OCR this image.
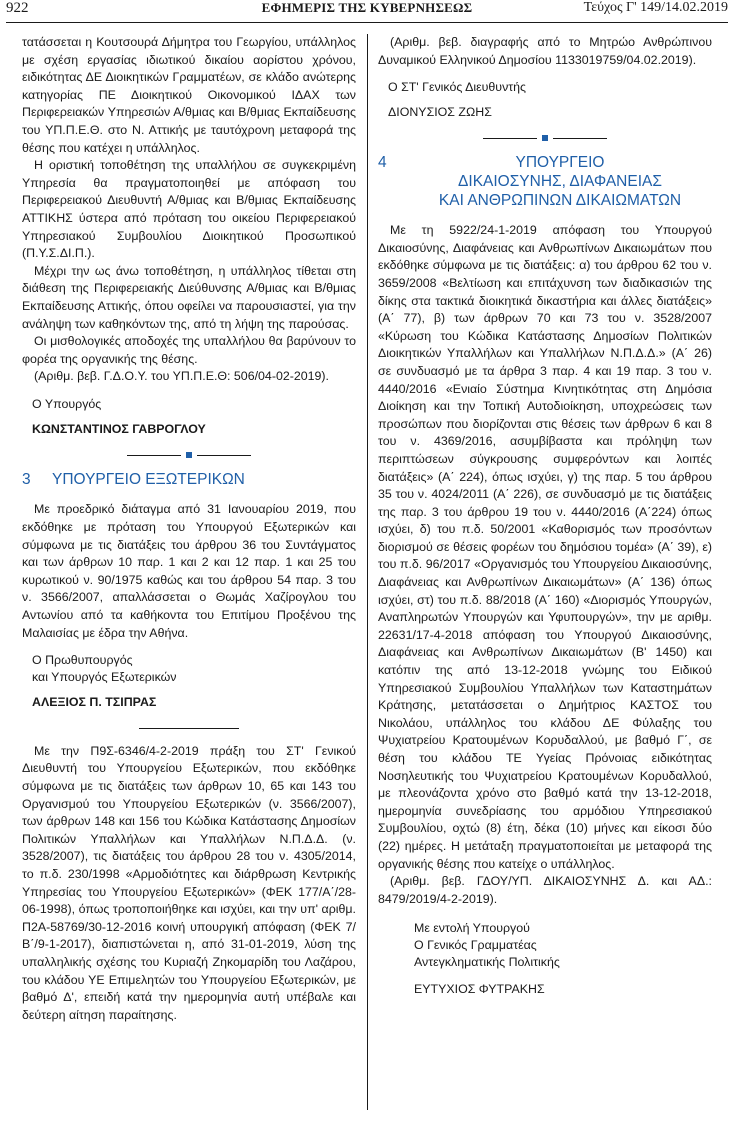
922	ΕΦΗΜΕΡΙΣ ΤΗΣ ΚΥΒΕΡΝΗΣΕΩΣ	Τεύχος Γ' 149/14.02.2019

τατάσσεται η Κουτσουρά Δήμητρα του Γεωργίου, υπάλληλος με σχέση εργασίας ιδιωτικού δικαίου αορίστου χρόνου, ειδικότητας ΔΕ Διοικητικών Γραμματέων, σε κλάδο ανώτερης κατηγορίας ΠΕ Διοικητικού Οικονομικού ΙΔΑΧ των Περιφερειακών Υπηρεσιών Α/θμιας και Β/θμιας Εκπαίδευσης του ΥΠ.Π.Ε.Θ. στο Ν. Αττικής με ταυτόχρονη μεταφορά της θέσης που κατέχει η υπάλληλος.

Η οριστική τοποθέτηση της υπαλλήλου σε συγκεκριμένη Υπηρεσία θα πραγματοποιηθεί με απόφαση του Περιφερειακού Διευθυντή Α/θμιας και Β/θμιας Εκπαίδευσης ΑΤΤΙΚΗΣ ύστερα από πρόταση του οικείου Περιφερειακού Υπηρεσιακού Συμβουλίου Διοικητικού Προσωπικού (Π.Υ.Σ.ΔΙ.Π.).

Μέχρι την ως άνω τοποθέτηση, η υπάλληλος τίθεται στη διάθεση της Περιφερειακής Διεύθυνσης Α/θμιας και Β/θμιας Εκπαίδευσης Αττικής, όπου οφείλει να παρουσιαστεί, για την ανάληψη των καθηκόντων της, από τη λήψη της παρούσας.

Οι μισθολογικές αποδοχές της υπαλλήλου θα βαρύνουν το φορέα της οργανικής της θέσης.

(Αριθμ. βεβ. Γ.Δ.Ο.Υ. του ΥΠ.Π.Ε.Θ: 506/04-02-2019).

Ο Υπουργός
ΚΩΝΣΤΑΝΤΙΝΟΣ ΓΑΒΡΟΓΛΟΥ
3	ΥΠΟΥΡΓΕΙΟ ΕΞΩΤΕΡΙΚΩΝ

Με προεδρικό διάταγμα από 31 Ιανουαρίου 2019, που εκδόθηκε με πρόταση του Υπουργού Εξωτερικών και σύμφωνα με τις διατάξεις του άρθρου 36 του Συντάγματος και των άρθρων 10 παρ. 1 και 2 και 12 παρ. 1 και 25 του κυρωτικού ν. 90/1975 καθώς και του άρθρου 54 παρ. 3 του ν. 3566/2007, απαλλάσσεται ο Θωμάς Χαζίρογλου του Αντωνίου από τα καθήκοντα του Επιτίμου Προξένου της Μαλαισίας με έδρα την Αθήνα.

Ο Πρωθυπουργός
και Υπουργός Εξωτερικών
ΑΛΕΞΙΟΣ Π. ΤΣΙΠΡΑΣ

Με την Π9Σ-6346/4-2-2019 πράξη του ΣΤ' Γενικού Διευθυντή του Υπουργείου Εξωτερικών, που εκδόθηκε σύμφωνα με τις διατάξεις των άρθρων 10, 65 και 143 του Οργανισμού του Υπουργείου Εξωτερικών (ν. 3566/2007), των άρθρων 148 και 156 του Κώδικα Κατάστασης Δημοσίων Πολιτικών Υπαλλήλων και Υπαλλήλων Ν.Π.Δ.Δ. (ν. 3528/2007), τις διατάξεις του άρθρου 28 του ν. 4305/2014, το π.δ. 230/1998 «Αρμοδιότητες και διάρθρωση Κεντρικής Υπηρεσίας του Υπουργείου Εξωτερικών» (ΦΕΚ 177/Α΄/28-06-1998), όπως τροποποιήθηκε και ισχύει, και την υπ' αριθμ. Π2Α-58769/30-12-2016 κοινή υπουργική απόφαση (ΦΕΚ 7/Β΄/9-1-2017), διαπιστώνεται η, από 31-01-2019, λύση της υπαλληλικής σχέσης του Κυριαζή Ζηκομαρίδη του Λαζάρου, του κλάδου ΥΕ Επιμελητών του Υπουργείου Εξωτερικών, με βαθμό Δ', επειδή κατά την ημερομηνία αυτή υπέβαλε και δεύτερη αίτηση παραίτησης.

(Αριθμ. βεβ. διαγραφής από το Μητρώο Ανθρώπινου Δυναμικού Ελληνικού Δημοσίου 1133019759/04.02.2019).

Ο ΣΤ' Γενικός Διευθυντής
ΔΙΟΝΥΣΙΟΣ ΖΩΗΣ
4	ΥΠΟΥΡΓΕΙΟ
ΔΙΚΑΙΟΣΥΝΗΣ, ΔΙΑΦΑΝΕΙΑΣ
ΚΑΙ ΑΝΘΡΩΠΙΝΩΝ ΔΙΚΑΙΩΜΑΤΩΝ

Με τη 5922/24-1-2019 απόφαση του Υπουργού Δικαιοσύνης, Διαφάνειας και Ανθρωπίνων Δικαιωμάτων που εκδόθηκε σύμφωνα με τις διατάξεις: α) του άρθρου 62 του ν. 3659/2008 «Βελτίωση και επιτάχυνση των διαδικασιών της δίκης στα τακτικά διοικητικά δικαστήρια και άλλες διατάξεις» (Α΄ 77), β) των άρθρων 70 και 73 του ν. 3528/2007 «Κύρωση του Κώδικα Κατάστασης Δημοσίων Πολιτικών Διοικητικών Υπαλλήλων και Υπαλλήλων Ν.Π.Δ.Δ.» (Α΄ 26) σε συνδυασμό με τα άρθρα 3 παρ. 4 και 19 παρ. 3 του ν. 4440/2016 «Ενιαίο Σύστημα Κινητικότητας στη Δημόσια Διοίκηση και την Τοπική Αυτοδιοίκηση, υποχρεώσεις των προσώπων που διορίζονται στις θέσεις των άρθρων 6 και 8 του ν. 4369/2016, ασυμβίβαστα και πρόληψη των περιπτώσεων σύγκρουσης συμφερόντων και λοιπές διατάξεις» (Α΄ 224), όπως ισχύει, γ) της παρ. 5 του άρθρου 35 του ν. 4024/2011 (Α΄ 226), σε συνδυασμό με τις διατάξεις της παρ. 3 του άρθρου 19 του ν. 4440/2016 (Α΄224) όπως ισχύει, δ) του π.δ. 50/2001 «Καθορισμός των προσόντων διορισμού σε θέσεις φορέων του δημόσιου τομέα» (Α΄ 39), ε) του π.δ. 96/2017 «Οργανισμός του Υπουργείου Δικαιοσύνης, Διαφάνειας και Ανθρωπίνων Δικαιωμάτων» (Α΄ 136) όπως ισχύει, στ) του π.δ. 88/2018 (Α΄ 160) «Διορισμός Υπουργών, Αναπληρωτών Υπουργών και Υφυπουργών», την με αριθμ. 22631/17-4-2018 απόφαση του Υπουργού Δικαιοσύνης, Διαφάνειας και Ανθρωπίνων Δικαιωμάτων (Β' 1450) και κατόπιν της από 13-12-2018 γνώμης του Ειδικού Υπηρεσιακού Συμβουλίου Υπαλλήλων των Καταστημάτων Κράτησης, μετατάσσεται ο Δημήτριος ΚΑΣΤΟΣ του Νικολάου, υπάλληλος του κλάδου ΔΕ Φύλαξης του Ψυχιατρείου Κρατουμένων Κορυδαλλού, με βαθμό Γ΄, σε θέση του κλάδου ΤΕ Υγείας Πρόνοιας ειδικότητας Νοσηλευτικής του Ψυχιατρείου Κρατουμένων Κορυδαλλού, με πλεονάζοντα χρόνο στο βαθμό κατά την 13-12-2018, ημερομηνία συνεδρίασης του αρμόδιου Υπηρεσιακού Συμβουλίου, οχτώ (8) έτη, δέκα (10) μήνες και είκοσι δύο (22) ημέρες. Η μετάταξη πραγματοποιείται με μεταφορά της οργανικής θέσης που κατείχε ο υπάλληλος.

(Αριθμ. βεβ. ΓΔΟΥ/ΥΠ. ΔΙΚΑΙΟΣΥΝΗΣ Δ. και ΑΔ.: 8479/2019/4-2-2019).

Με εντολή Υπουργού
Ο Γενικός Γραμματέας
Αντεγκληματικής Πολιτικής
ΕΥΤΥΧΙΟΣ ΦΥΤΡΑΚΗΣ
